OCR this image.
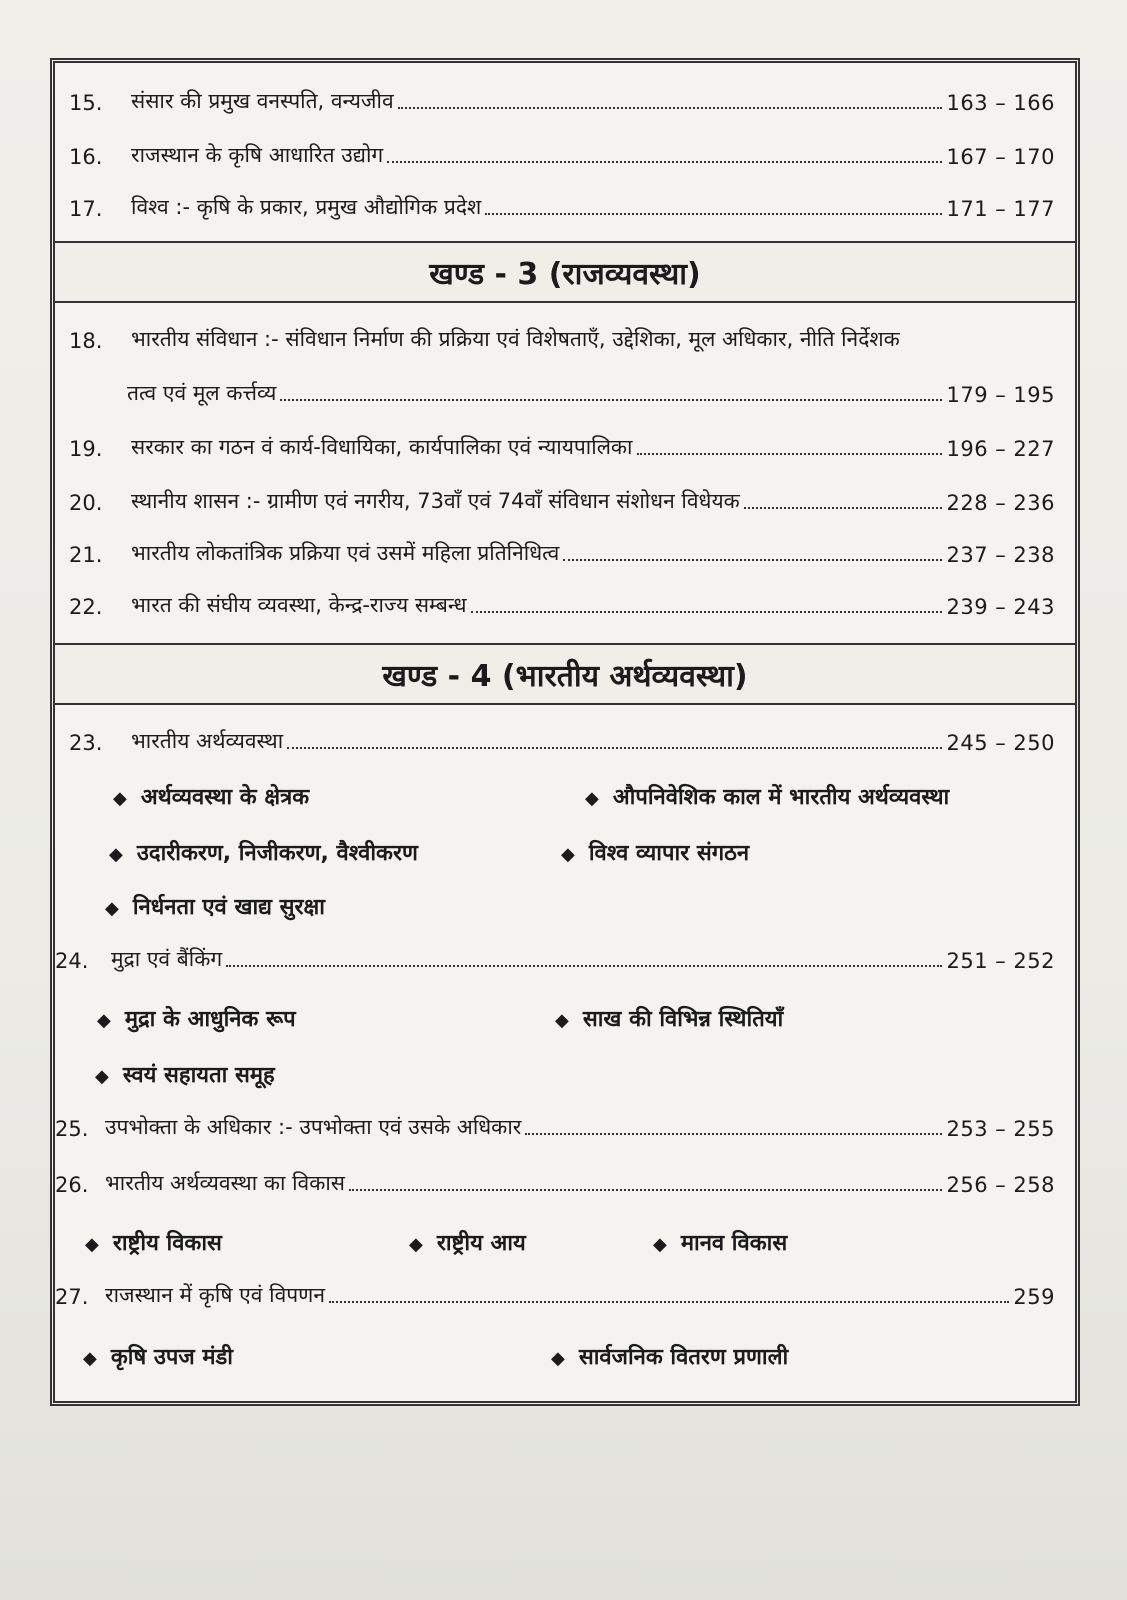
15.	संसार की प्रमुख वनस्पति, वन्यजीव	163 – 166
16.	राजस्थान के कृषि आधारित उद्योग	167 – 170
17.	विश्व :- कृषि के प्रकार, प्रमुख औद्योगिक प्रदेश	171 – 177
खण्ड - 3 (राजव्यवस्था)
18.	भारतीय संविधान :- संविधान निर्माण की प्रक्रिया एवं विशेषताएँ, उद्देशिका, मूल अधिकार, नीति निर्देशक
तत्व एवं मूल कर्त्तव्य	179 – 195
19.	सरकार का गठन वं कार्य-विधायिका, कार्यपालिका एवं न्यायपालिका	196 – 227
20.	स्थानीय शासन :- ग्रामीण एवं नगरीय, 73वाँ एवं 74वाँ संविधान संशोधन विधेयक	228 – 236
21.	भारतीय लोकतांत्रिक प्रक्रिया एवं उसमें महिला प्रतिनिधित्व	237 – 238
22.	भारत की संघीय व्यवस्था, केन्द्र-राज्य सम्बन्ध	239 – 243
खण्ड - 4 (भारतीय अर्थव्यवस्था)
23.	भारतीय अर्थव्यवस्था	245 – 250
◆ अर्थव्यवस्था के क्षेत्रक	◆ औपनिवेशिक काल में भारतीय अर्थव्यवस्था
◆ उदारीकरण, निजीकरण, वैश्वीकरण	◆ विश्व व्यापार संगठन
◆ निर्धनता एवं खाद्य सुरक्षा
24.	मुद्रा एवं बैंकिंग	251 – 252
◆ मुद्रा के आधुनिक रूप	◆ साख की विभिन्न स्थितियाँ
◆ स्वयं सहायता समूह
25. उपभोक्ता के अधिकार :- उपभोक्ता एवं उसके अधिकार	253 – 255
26. भारतीय अर्थव्यवस्था का विकास	256 – 258
◆ राष्ट्रीय विकास	◆ राष्ट्रीय आय	◆ मानव विकास
27. राजस्थान में कृषि एवं विपणन	259
◆ कृषि उपज मंडी	◆ सार्वजनिक वितरण प्रणाली
